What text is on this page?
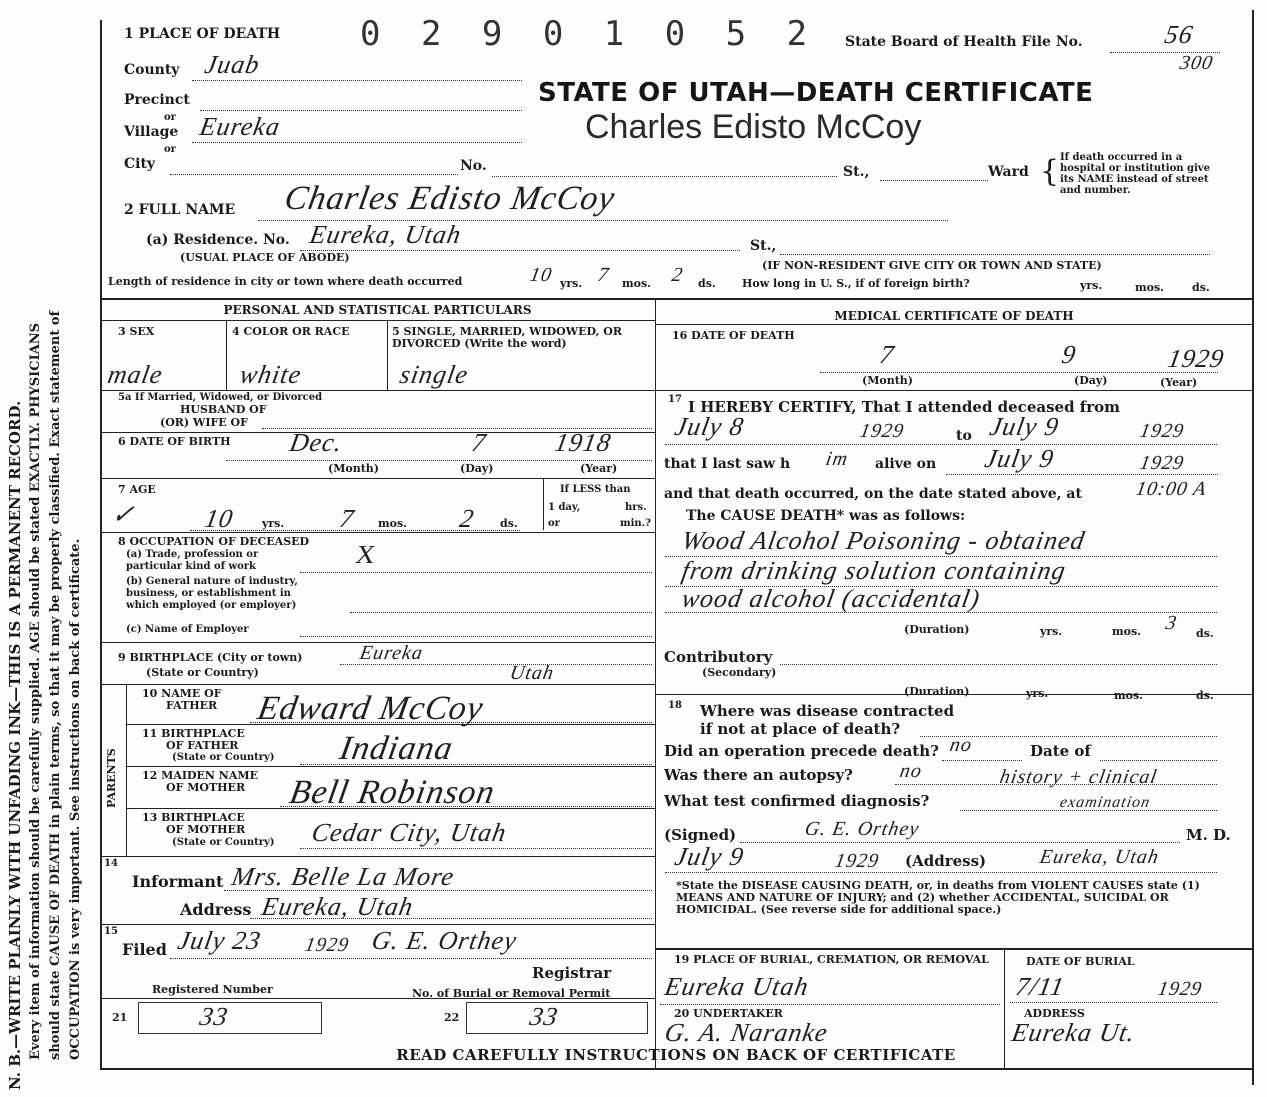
N. B.—WRITE PLAINLY WITH UNFADING INK—THIS IS A PERMANENT RECORD. Every item of information should be carefully supplied. AGE should be stated EXACTLY. PHYSICIANS should state CAUSE OF DEATH in plain terms, so that it may be properly classified. Exact statement of OCCUPATION is very important. See instructions on back of certificate.
1 PLACE OF DEATH 0 2 9 0 1 0 5 2 State Board of Health File No.	56
300
STATE OF UTAH—DEATH CERTIFICATE
Charles Edisto McCoy
County Juab
Precinct
or
Village
or
Eureka
City	No.	St.,	Ward { If death occurred in a hospital or institution give its NAME instead of street and number.
2 FULL NAME Charles Edisto McCoy
(a) Residence. No. Eureka, Utah	St.,
(USUAL PLACE OF ABODE)
(IF NON-RESIDENT GIVE CITY OR TOWN AND STATE)
Length of residence in city or town where death occurred	10 yrs. 7 mos. 2 ds. How long in U. S., if of foreign birth?	yrs.	mos.	ds.
PERSONAL AND STATISTICAL PARTICULARS
3 SEX
male
4 COLOR OR RACE
white
5 SINGLE, MARRIED, WIDOWED, OR DIVORCED (Write the word)
single
5a If Married, Widowed, or Divorced
HUSBAND OF
(OR) WIFE OF
6 DATE OF BIRTH Dec.	7 1918
(Month)	(Day)	(Year)
7 AGE
✓	10 yrs. 7 mos. 2 ds.
If LESS than
1 day,	hrs.
or	min.?
8 OCCUPATION OF DECEASED
(a) Trade, profession or
particular kind of work	X
(b) General nature of industry,
business, or establishment in
which employed (or employer)
(c) Name of Employer
9 BIRTHPLACE (City or town)
(State or Country)
Eureka
Utah
PARENTS
10 NAME OF
FATHER Edward McCoy
11 BIRTHPLACE
OF FATHER
(State or Country) Indiana
12 MAIDEN NAME
OF MOTHER Bell Robinson
13 BIRTHPLACE
OF MOTHER
(State or Country) Cedar City, Utah
14
Informant Mrs. Belle La More
Address Eureka, Utah
15
Filed July 23 1929 G. E. Orthey
Registrar
Registered Number	No. of Burial or Removal Permit
21	33	22	33
MEDICAL CERTIFICATE OF DEATH
16 DATE OF DEATH
7	9	1929
(Month)	(Day)	(Year)
17 I HEREBY CERTIFY, That I attended deceased from
July 8	1929	to July 9	1929
that I last saw h im alive on July 9	1929
and that death occurred, on the date stated above, at	10:00 A
The CAUSE DEATH* was as follows:
Wood Alcohol Poisoning - obtained
from drinking solution containing
wood alcohol (accidental)
(Duration)	yrs.	mos. 3 ds.
Contributory
(Secondary)
(Duration)	yrs.	mos.	ds.
18 Where was disease contracted
if not at place of death?
Did an operation precede death? no	Date of
Was there an autopsy? no	history + clinical
What test confirmed diagnosis?	examination
(Signed)	G. E. Orthey	M. D.
July 9	1929 (Address)	Eureka, Utah
*State the DISEASE CAUSING DEATH, or, in deaths from VIOLENT CAUSES state (1) MEANS AND NATURE OF INJURY; and (2) whether ACCIDENTAL, SUICIDAL OR HOMICIDAL. (See reverse side for additional space.)
19 PLACE OF BURIAL, CREMATION, OR REMOVAL
Eureka Utah
DATE OF BURIAL
7/11	1929
20 UNDERTAKER
G. A. Naranke
ADDRESS
Eureka Ut.
READ CAREFULLY INSTRUCTIONS ON BACK OF CERTIFICATE
